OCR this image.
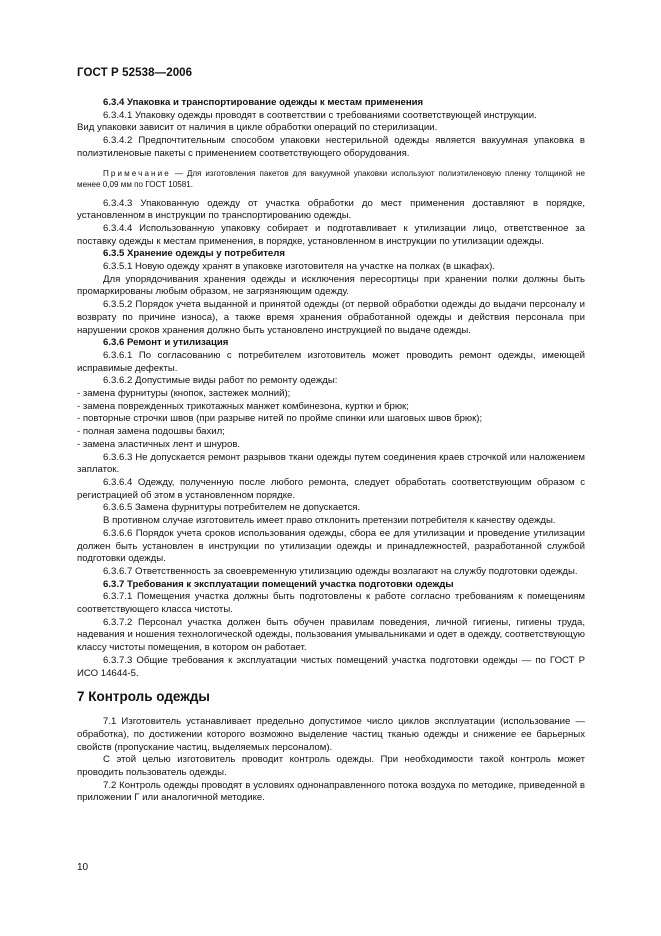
ГОСТ Р 52538—2006

6.3.4 Упаковка и транспортирование одежды к местам применения

6.3.4.1 Упаковку одежды проводят в соответствии с требованиями соответствующей инструкции.

Вид упаковки зависит от наличия в цикле обработки операций по стерилизации.

6.3.4.2 Предпочтительным способом упаковки нестерильной одежды является вакуумная упаковка в полиэтиленовые пакеты с применением соответствующего оборудования.

Примечание — Для изготовления пакетов для вакуумной упаковки используют полиэтиленовую пленку толщиной не менее 0,09 мм по ГОСТ 10581.

6.3.4.3 Упакованную одежду от участка обработки до мест применения доставляют в порядке, установленном в инструкции по транспортированию одежды.

6.3.4.4 Использованную упаковку собирает и подготавливает к утилизации лицо, ответственное за поставку одежды к местам применения, в порядке, установленном в инструкции по утилизации одежды.

6.3.5 Хранение одежды у потребителя

6.3.5.1 Новую одежду хранят в упаковке изготовителя на участке на полках (в шкафах).

Для упорядочивания хранения одежды и исключения пересортицы при хранении полки должны быть промаркированы любым образом, не загрязняющим одежду.

6.3.5.2 Порядок учета выданной и принятой одежды (от первой обработки одежды до выдачи персоналу и возврату по причине износа), а также время хранения обработанной одежды и действия персонала при нарушении сроков хранения должно быть установлено инструкцией по выдаче одежды.

6.3.6 Ремонт и утилизация

6.3.6.1 По согласованию с потребителем изготовитель может проводить ремонт одежды, имеющей исправимые дефекты.

6.3.6.2 Допустимые виды работ по ремонту одежды:

- замена фурнитуры (кнопок, застежек молний);

- замена поврежденных трикотажных манжет комбинезона, куртки и брюк;

- повторные строчки швов (при разрыве нитей по пройме спинки или шаговых швов брюк);

- полная замена подошвы бахил;

- замена эластичных лент и шнуров.

6.3.6.3 Не допускается ремонт разрывов ткани одежды путем соединения краев строчкой или наложением заплаток.

6.3.6.4 Одежду, полученную после любого ремонта, следует обработать соответствующим образом с регистрацией об этом в установленном порядке.

6.3.6.5 Замена фурнитуры потребителем не допускается.

В противном случае изготовитель имеет право отклонить претензии потребителя к качеству одежды.

6.3.6.6 Порядок учета сроков использования одежды, сбора ее для утилизации и проведение утилизации должен быть установлен в инструкции по утилизации одежды и принадлежностей, разработанной службой подготовки одежды.

6.3.6.7 Ответственность за своевременную утилизацию одежды возлагают на службу подготовки одежды.

6.3.7 Требования к эксплуатации помещений участка подготовки одежды

6.3.7.1 Помещения участка должны быть подготовлены к работе согласно требованиям к помещениям соответствующего класса чистоты.

6.3.7.2 Персонал участка должен быть обучен правилам поведения, личной гигиены, гигиены труда, надевания и ношения технологической одежды, пользования умывальниками и одет в одежду, соответствующую классу чистоты помещения, в котором он работает.

6.3.7.3 Общие требования к эксплуатации чистых помещений участка подготовки одежды — по ГОСТ Р ИСО 14644-5.

7 Контроль одежды

7.1 Изготовитель устанавливает предельно допустимое число циклов эксплуатации (использование — обработка), по достижении которого возможно выделение частиц тканью одежды и снижение ее барьерных свойств (пропускание частиц, выделяемых персоналом).

С этой целью изготовитель проводит контроль одежды. При необходимости такой контроль может проводить пользователь одежды.

7.2 Контроль одежды проводят в условиях однонаправленного потока воздуха по методике, приведенной в приложении Г или аналогичной методике.

10
